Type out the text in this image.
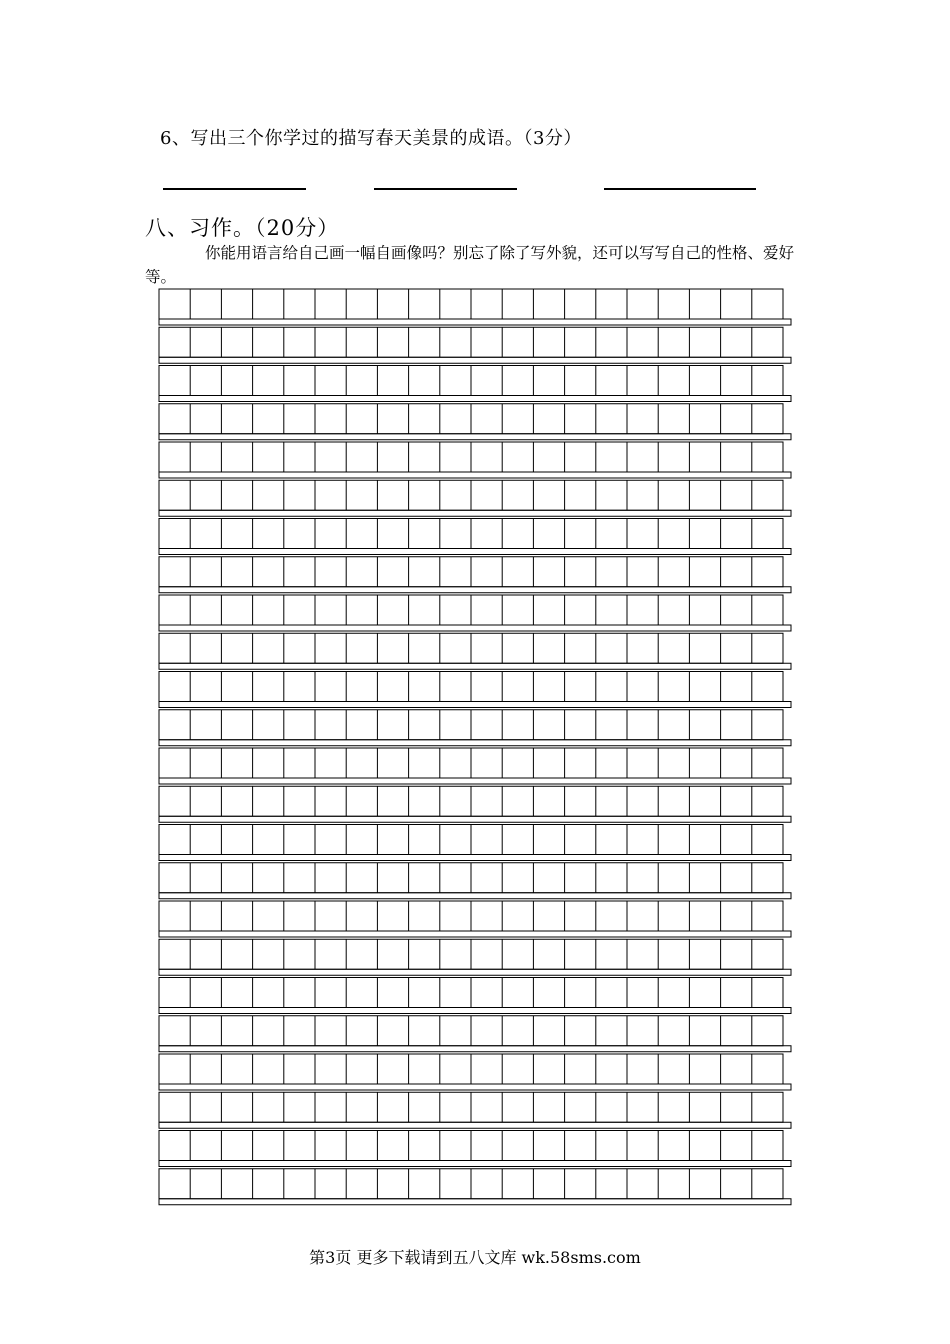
6、写出三个你学过的描写春天美景的成语。（3分）
八、习作。（20分）
你能用语言给自己画一幅自画像吗？别忘了除了写外貌，还可以写写自己的性格、爱好等。
第3页 更多下载请到五八文库 wk.58sms.com
